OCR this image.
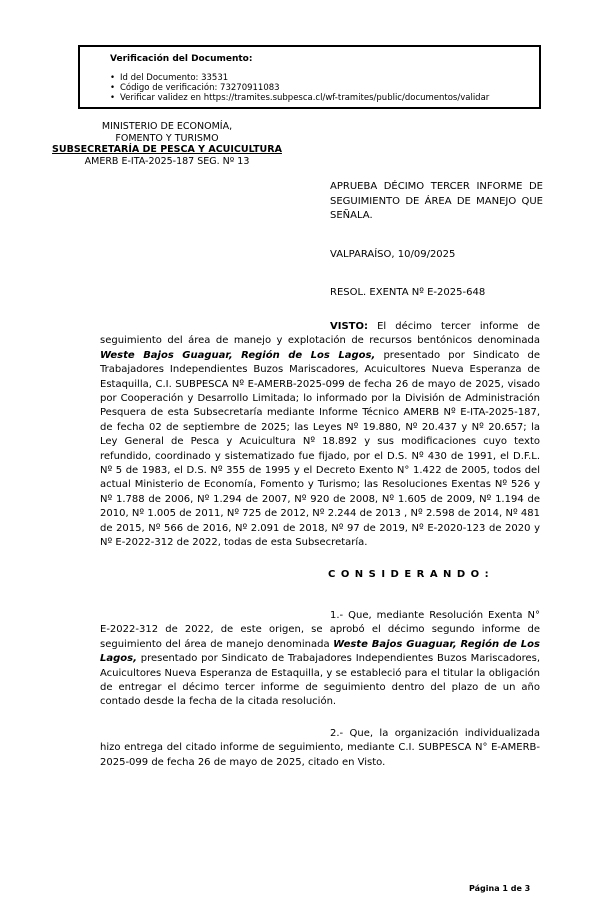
Verificación del Documento:
• Id del Documento: 33531
• Código de verificación: 73270911083
• Verificar validez en https://tramites.subpesca.cl/wf-tramites/public/documentos/validar
MINISTERIO DE ECONOMÍA,
FOMENTO Y TURISMO
SUBSECRETARÍA DE PESCA Y ACUICULTURA
AMERB E-ITA-2025-187 SEG. Nº 13
APRUEBA DÉCIMO TERCER INFORME DE SEGUIMIENTO DE ÁREA DE MANEJO QUE SEÑALA.
VALPARAÍSO, 10/09/2025
RESOL. EXENTA Nº E-2025-648

VISTO: El décimo tercer informe de seguimiento del área de manejo y explotación de recursos bentónicos denominada Weste Bajos Guaguar, Región de Los Lagos, presentado por Sindicato de Trabajadores Independientes Buzos Mariscadores, Acuicultores Nueva Esperanza de Estaquilla, C.I. SUBPESCA Nº E-AMERB-2025-099 de fecha 26 de mayo de 2025, visado por Cooperación y Desarrollo Limitada; lo informado por la División de Administración Pesquera de esta Subsecretaría mediante Informe Técnico AMERB Nº E-ITA-2025-187, de fecha 02 de septiembre de 2025; las Leyes Nº 19.880, Nº 20.437 y Nº 20.657; la Ley General de Pesca y Acuicultura Nº 18.892 y sus modificaciones cuyo texto refundido, coordinado y sistematizado fue fijado, por el D.S. Nº 430 de 1991, el D.F.L. Nº 5 de 1983, el D.S. Nº 355 de 1995 y el Decreto Exento N° 1.422 de 2005, todos del actual Ministerio de Economía, Fomento y Turismo; las Resoluciones Exentas Nº 526 y Nº 1.788 de 2006, Nº 1.294 de 2007, Nº 920 de 2008, Nº 1.605 de 2009, Nº 1.194 de 2010, Nº 1.005 de 2011, Nº 725 de 2012, Nº 2.244 de 2013 , Nº 2.598 de 2014, Nº 481 de 2015, Nº 566 de 2016, Nº 2.091 de 2018, Nº 97 de 2019, Nº E-2020-123 de 2020 y Nº E-2022-312 de 2022, todas de esta Subsecretaría.

C O N S I D E R A N D O :

1.- Que, mediante Resolución Exenta N° E-2022-312 de 2022, de este origen, se aprobó el décimo segundo informe de seguimiento del área de manejo denominada Weste Bajos Guaguar, Región de Los Lagos, presentado por Sindicato de Trabajadores Independientes Buzos Mariscadores, Acuicultores Nueva Esperanza de Estaquilla, y se estableció para el titular la obligación de entregar el décimo tercer informe de seguimiento dentro del plazo de un año contado desde la fecha de la citada resolución.

2.- Que, la organización individualizada hizo entrega del citado informe de seguimiento, mediante C.I. SUBPESCA N° E-AMERB-2025-099 de fecha 26 de mayo de 2025, citado en Visto.

Página 1 de 3
